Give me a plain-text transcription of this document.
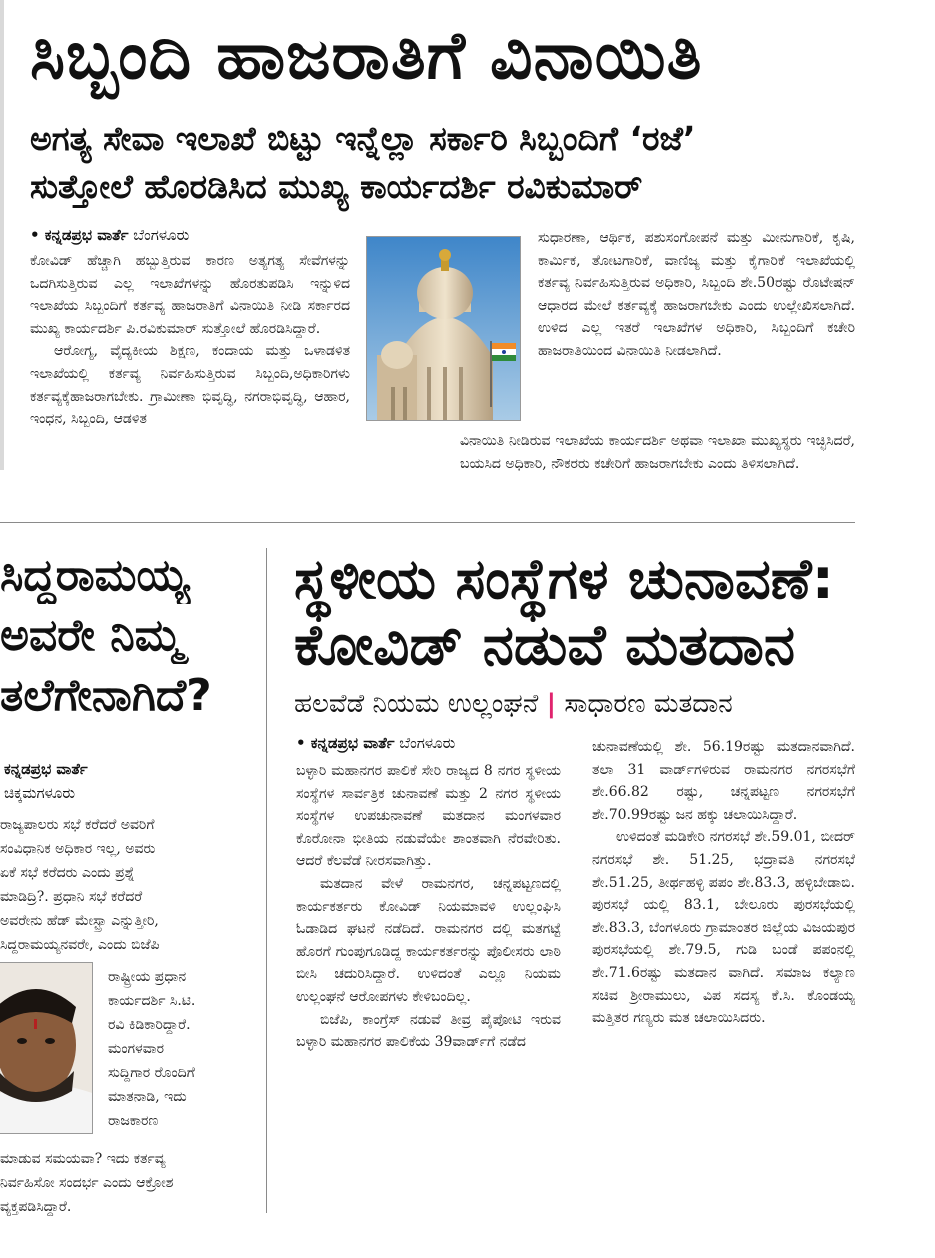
ಸಿಬ್ಬಂದಿ ಹಾಜರಾತಿಗೆ ವಿನಾಯಿತಿ
ಅಗತ್ಯ ಸೇವಾ ಇಲಾಖೆ ಬಿಟ್ಟು ಇನ್ನೆಲ್ಲಾ ಸರ್ಕಾರಿ ಸಿಬ್ಬಂದಿಗೆ ‘ರಜೆ’
ಸುತ್ತೋಲೆ ಹೊರಡಿಸಿದ ಮುಖ್ಯ ಕಾರ್ಯದರ್ಶಿ ರವಿಕುಮಾರ್
• ಕನ್ನಡಪ್ರಭ ವಾರ್ತೆ ಬೆಂಗಳೂರು

ಕೋವಿಡ್ ಹೆಚ್ಚಾಗಿ ಹಬ್ಬುತ್ತಿರುವ ಕಾರಣ ಅತ್ಯಗತ್ಯ ಸೇವೆಗಳನ್ನು ಒದಗಿಸುತ್ತಿರುವ ಎಲ್ಲ ಇಲಾಖೆಗಳನ್ನು ಹೊರತುಪಡಿಸಿ ಇನ್ನುಳಿದ ಇಲಾಖೆಯ ಸಿಬ್ಬಂದಿಗೆ ಕರ್ತವ್ಯ ಹಾಜರಾತಿಗೆ ವಿನಾಯಿತಿ ನೀಡಿ ಸರ್ಕಾರದ ಮುಖ್ಯ ಕಾರ್ಯದರ್ಶಿ ಪಿ.ರವಿಕುಮಾರ್ ಸುತ್ತೋಲೆ ಹೊರಡಿಸಿದ್ದಾರೆ.

ಆರೋಗ್ಯ, ವೈದ್ಯಕೀಯ ಶಿಕ್ಷಣ, ಕಂದಾಯ ಮತ್ತು ಒಳಾಡಳಿತ ಇಲಾಖೆಯಲ್ಲಿ ಕರ್ತವ್ಯ ನಿರ್ವಹಿಸುತ್ತಿರುವ ಸಿಬ್ಬಂದಿ,ಅಧಿಕಾರಿಗಳು ಕರ್ತವ್ಯಕ್ಕೆಹಾಜರಾಗಬೇಕು. ಗ್ರಾಮೀಣಾ ಭಿವೃದ್ಧಿ, ನಗರಾಭಿವೃದ್ಧಿ, ಆಹಾರ, ಇಂಧನ, ಸಿಬ್ಬಂದಿ, ಆಡಳಿತ

ಸುಧಾರಣಾ, ಆರ್ಥಿಕ, ಪಶುಸಂಗೋಪನೆ ಮತ್ತು ಮೀನುಗಾರಿಕೆ, ಕೃಷಿ, ಕಾರ್ಮಿಕ, ತೋಟಗಾರಿಕೆ, ವಾಣಿಜ್ಯ ಮತ್ತು ಕೈಗಾರಿಕೆ ಇಲಾಖೆಯಲ್ಲಿ ಕರ್ತವ್ಯ ನಿರ್ವಹಿಸುತ್ತಿರುವ ಅಧಿಕಾರಿ, ಸಿಬ್ಬಂದಿ ಶೇ.50ರಷ್ಟು ರೊಟೇಷನ್ ಆಧಾರದ ಮೇಲೆ ಕರ್ತವ್ಯಕ್ಕೆ ಹಾಜರಾಗಬೇಕು ಎಂದು ಉಲ್ಲೇಖಿಸಲಾಗಿದೆ. ಉಳಿದ ಎಲ್ಲ ಇತರೆ ಇಲಾಖೆಗಳ ಅಧಿಕಾರಿ, ಸಿಬ್ಬಂದಿಗೆ ಕಚೇರಿ ಹಾಜರಾತಿಯಿಂದ ವಿನಾಯಿತಿ ನೀಡಲಾಗಿದೆ.

ವಿನಾಯಿತಿ ನೀಡಿರುವ ಇಲಾಖೆಯ ಕಾರ್ಯದರ್ಶಿ ಅಥವಾ ಇಲಾಖಾ ಮುಖ್ಯಸ್ಥರು ಇಚ್ಛಿಸಿದರೆ, ಬಯಸಿದ ಅಧಿಕಾರಿ, ನೌಕರರು ಕಚೇರಿಗೆ ಹಾಜರಾಗಬೇಕು ಎಂದು ತಿಳಿಸಲಾಗಿದೆ.

ಸಿದ್ದರಾಮಯ್ಯ
ಅವರೇ ನಿಮ್ಮ
ತಲೆಗೇನಾಗಿದೆ?
ಕನ್ನಡಪ್ರಭ ವಾರ್ತೆ
ಚಿಕ್ಕಮಗಳೂರು
ರಾಜ್ಯಪಾಲರು ಸಭೆ ಕರೆದರೆ ಅವರಿಗೆ
ಸಂವಿಧಾನಿಕ ಅಧಿಕಾರ ಇಲ್ಲ, ಅವರು
ಏಕೆ ಸಭೆ ಕರೆದರು ಎಂದು ಪ್ರಶ್ನೆ
ಮಾಡಿದ್ರಿ?. ಪ್ರಧಾನಿ ಸಭೆ ಕರೆದರೆ
ಅವರೇನು ಹೆಡ್ ಮೇಸ್ಟ್ರಾ ಎನ್ನುತ್ತೀರಿ,
ಸಿದ್ದರಾಮಯ್ಯನವರೇ, ಎಂದು ಬಿಜೆಪಿ
ರಾಷ್ಟ್ರೀಯ ಪ್ರಧಾನ
ಕಾರ್ಯದರ್ಶಿ ಸಿ.ಟಿ.
ರವಿ ಕಿಡಿಕಾರಿದ್ದಾರೆ.
ಮಂಗಳವಾರ
ಸುದ್ದಿಗಾರ ರೊಂದಿಗೆ
ಮಾತನಾಡಿ, ಇದು
ರಾಜಕಾರಣ
ಮಾಡುವ ಸಮಯವಾ? ಇದು ಕರ್ತವ್ಯ
ನಿರ್ವಹಿಸೋ ಸಂದರ್ಭ ಎಂದು ಆಕ್ರೋಶ
ವ್ಯಕ್ತಪಡಿಸಿದ್ದಾರೆ.
ಸ್ಥಳೀಯ ಸಂಸ್ಥೆಗಳ ಚುನಾವಣೆ:
ಕೋವಿಡ್ ನಡುವೆ ಮತದಾನ
ಹಲವೆಡೆ ನಿಯಮ ಉಲ್ಲಂಘನೆ | ಸಾಧಾರಣ ಮತದಾನ
• ಕನ್ನಡಪ್ರಭ ವಾರ್ತೆ ಬೆಂಗಳೂರು

ಬಳ್ಳಾರಿ ಮಹಾನಗರ ಪಾಲಿಕೆ ಸೇರಿ ರಾಜ್ಯದ 8 ನಗರ ಸ್ಥಳೀಯ ಸಂಸ್ಥೆಗಳ ಸಾರ್ವತ್ರಿಕ ಚುನಾವಣೆ ಮತ್ತು 2 ನಗರ ಸ್ಥಳೀಯ ಸಂಸ್ಥೆಗಳ ಉಪಚುನಾವಣೆ ಮತದಾನ ಮಂಗಳವಾರ ಕೊರೋನಾ ಭೀತಿಯ ನಡುವೆಯೇ ಶಾಂತವಾಗಿ ನೆರವೇರಿತು. ಆದರೆ ಕೆಲವೆಡೆ ನೀರಸವಾಗಿತ್ತು.

ಮತದಾನ ವೇಳೆ ರಾಮನಗರ, ಚನ್ನಪಟ್ಟಣದಲ್ಲಿ ಕಾರ್ಯಕರ್ತರು ಕೋವಿಡ್ ನಿಯಮಾವಳಿ ಉಲ್ಲಂಘಿಸಿ ಓಡಾಡಿದ ಘಟನೆ ನಡೆದಿದೆ. ರಾಮನಗರ ದಲ್ಲಿ ಮತಗಟ್ಟೆ ಹೊರಗೆ ಗುಂಪುಗೂಡಿದ್ದ ಕಾರ್ಯಕರ್ತರನ್ನು ಪೊಲೀಸರು ಲಾಠಿ ಬೀಸಿ ಚದುರಿಸಿದ್ದಾರೆ. ಉಳಿದಂತೆ ಎಲ್ಲೂ ನಿಯಮ ಉಲ್ಲಂಘನೆ ಆರೋಪಗಳು ಕೇಳಿಬಂದಿಲ್ಲ.

ಬಿಜೆಪಿ, ಕಾಂಗ್ರೆಸ್ ನಡುವೆ ತೀವ್ರ ಪೈಪೋಟಿ ಇರುವ ಬಳ್ಳಾರಿ ಮಹಾನಗರ ಪಾಲಿಕೆಯ 39ವಾರ್ಡ್‌ಗೆ ನಡೆದ

ಚುನಾವಣೆಯಲ್ಲಿ ಶೇ. 56.19ರಷ್ಟು ಮತದಾನವಾಗಿದೆ. ತಲಾ 31 ವಾರ್ಡ್‌ಗಳಿರುವ ರಾಮನಗರ ನಗರಸಭೆಗೆ ಶೇ.66.82 ರಷ್ಟು, ಚನ್ನಪಟ್ಟಣ ನಗರಸಭೆಗೆ ಶೇ.70.99ರಷ್ಟು ಜನ ಹಕ್ಕು ಚಲಾಯಿಸಿದ್ದಾರೆ.

ಉಳಿದಂತೆ ಮಡಿಕೇರಿ ನಗರಸಭೆ ಶೇ.59.01, ಬೀದರ್ ನಗರಸಭೆ ಶೇ. 51.25, ಭದ್ರಾವತಿ ನಗರಸಭೆ ಶೇ.51.25, ತೀರ್ಥಹಳ್ಳಿ ಪಪಂ ಶೇ.83.3, ಹಳ್ಳಿಬೇಡಾಬಿ. ಪುರಸಭೆ ಯಲ್ಲಿ 83.1, ಬೇಲೂರು ಪುರಸಭೆಯಲ್ಲಿ ಶೇ.83.3, ಬೆಂಗಳೂರು ಗ್ರಾಮಾಂತರ ಜಿಲ್ಲೆಯ ವಿಜಯಪುರ ಪುರಸಭೆಯಲ್ಲಿ ಶೇ.79.5, ಗುಡಿ ಬಂಡೆ ಪಪಂನಲ್ಲಿ ಶೇ.71.6ರಷ್ಟು ಮತದಾನ ವಾಗಿದೆ. ಸಮಾಜ ಕಲ್ಯಾಣ ಸಚಿವ ಶ್ರೀರಾಮುಲು, ವಿಪ ಸದಸ್ಯ ಕೆ.ಸಿ. ಕೊಂಡಯ್ಯ ಮತ್ತಿತರ ಗಣ್ಯರು ಮತ ಚಲಾಯಿಸಿದರು.
